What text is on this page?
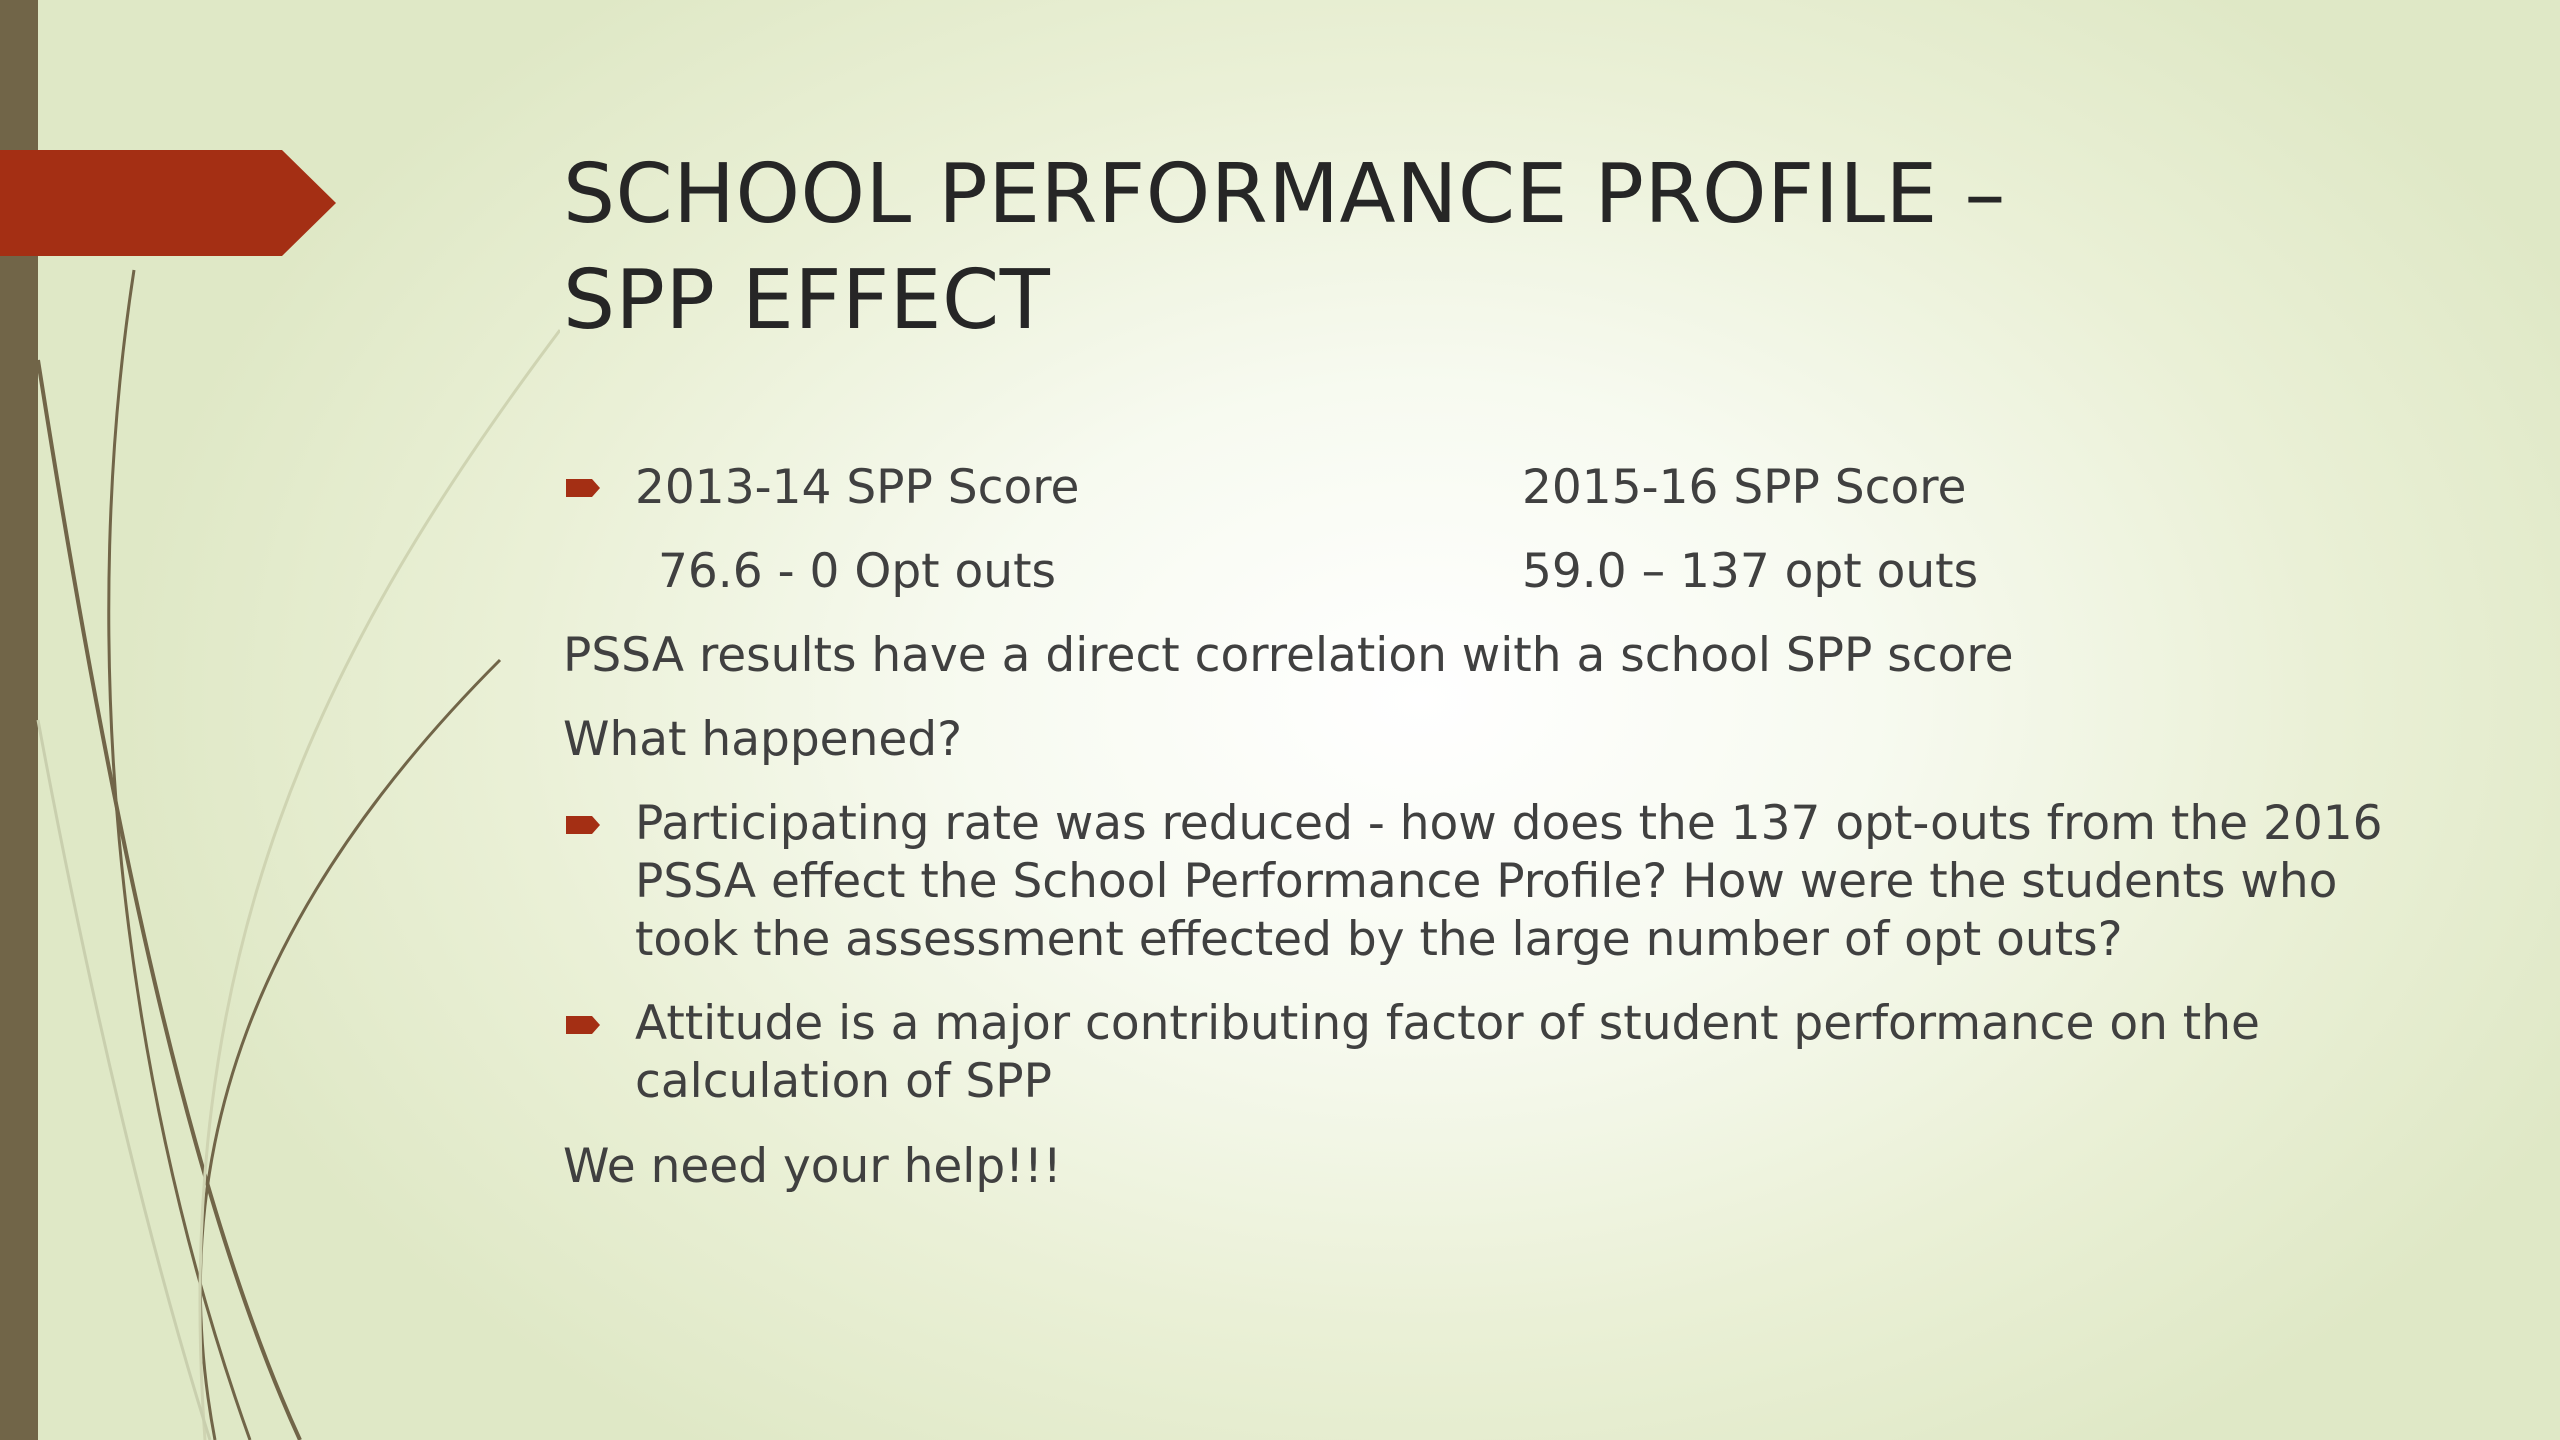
SCHOOL PERFORMANCE PROFILE –
SPP EFFECT
2013-14 SPP Score	2015-16 SPP Score
76.6 - 0 Opt outs	59.0 – 137 opt outs
PSSA results have a direct correlation with a school SPP score
What happened?
Participating rate was reduced - how does the 137 opt-outs from the 2016 PSSA effect the School Performance Profile? How were the students who took the assessment effected by the large number of opt outs?
Attitude is a major contributing factor of student performance on the calculation of SPP
We need your help!!!
